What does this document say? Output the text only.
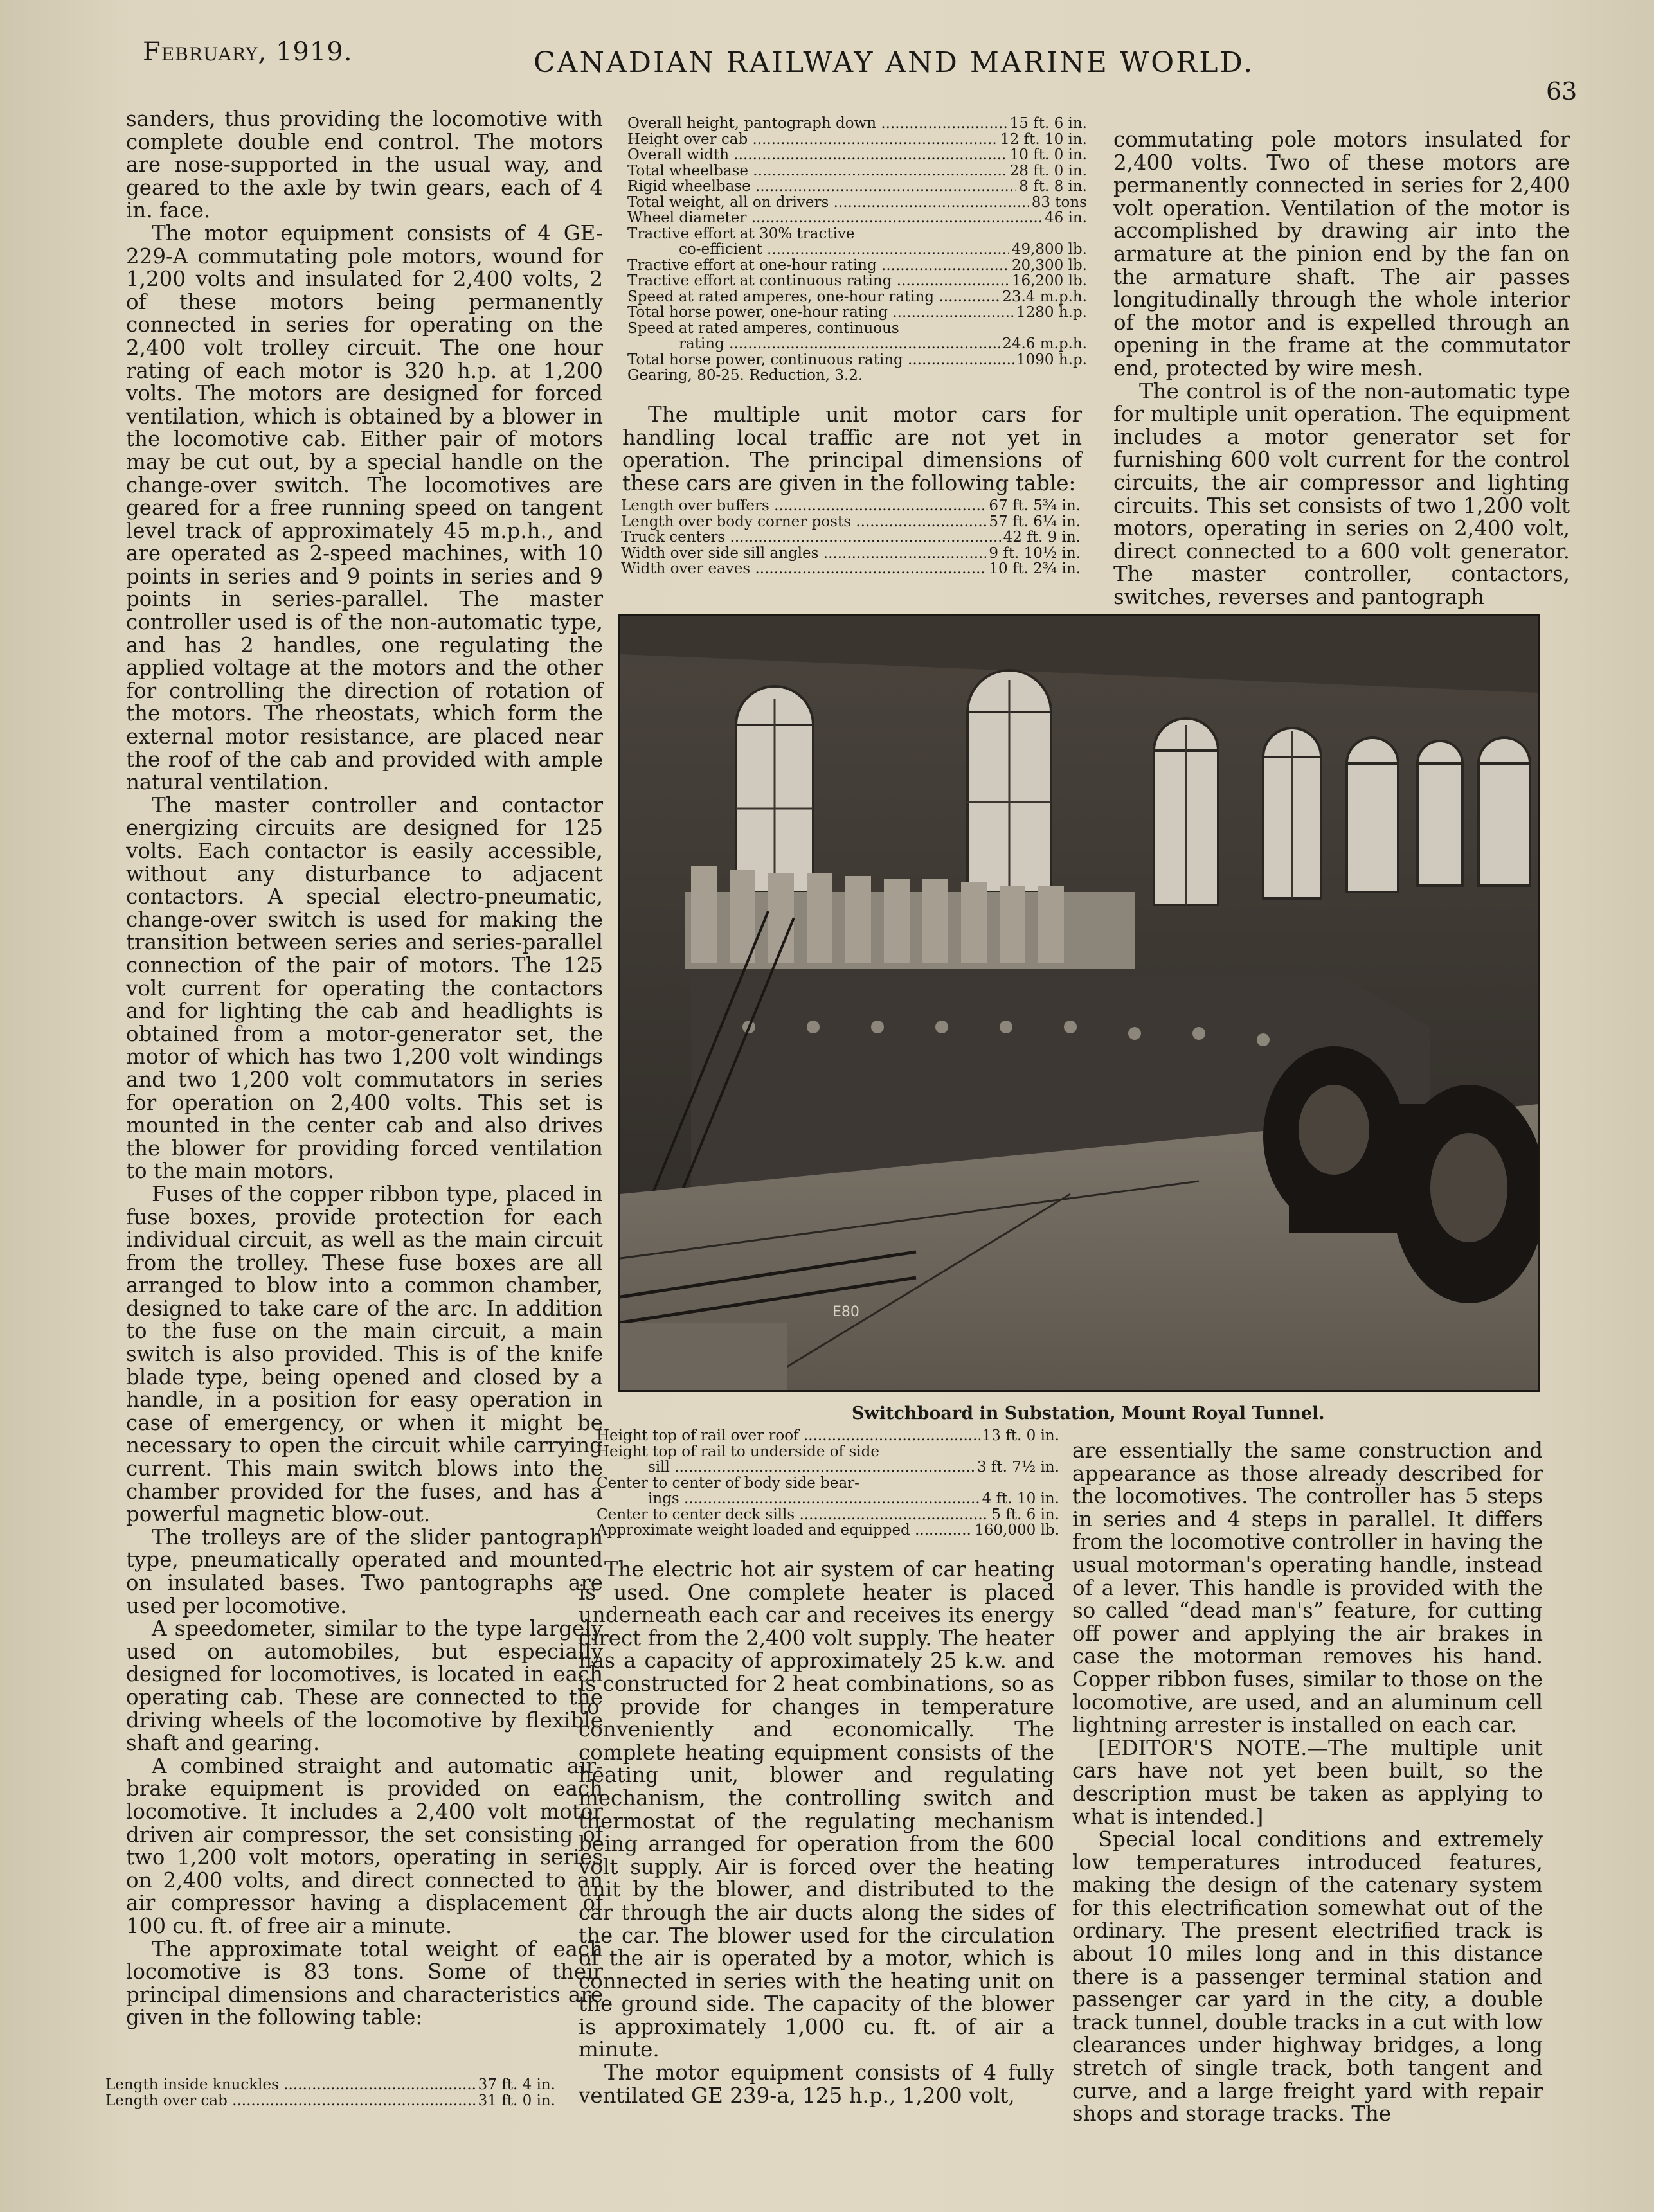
February, 1919.	CANADIAN RAILWAY AND MARINE WORLD.
63

sanders, thus providing the locomotive with complete double end control. The motors are nose-supported in the usual way, and geared to the axle by twin gears, each of 4 in. face.

The motor equipment consists of 4 GE-229-A commutating pole motors, wound for 1,200 volts and insulated for 2,400 volts, 2 of these motors being permanently connected in series for operating on the 2,400 volt trolley circuit. The one hour rating of each motor is 320 h.p. at 1,200 volts. The motors are designed for forced ventilation, which is obtained by a blower in the locomotive cab. Either pair of motors may be cut out, by a special handle on the change-over switch. The locomotives are geared for a free running speed on tangent level track of approximately 45 m.p.h., and are operated as 2-speed machines, with 10 points in series and 9 points in series and 9 points in series-parallel. The master controller used is of the non-automatic type, and has 2 handles, one regulating the applied voltage at the motors and the other for controlling the direction of rotation of the motors. The rheostats, which form the external motor resistance, are placed near the roof of the cab and provided with ample natural ventilation.

The master controller and contactor energizing circuits are designed for 125 volts. Each contactor is easily accessible, without any disturbance to adjacent contactors. A special electro-pneumatic, change-over switch is used for making the transition between series and series-parallel connection of the pair of motors. The 125 volt current for operating the contactors and for lighting the cab and headlights is obtained from a motor-generator set, the motor of which has two 1,200 volt windings and two 1,200 volt commutators in series for operation on 2,400 volts. This set is mounted in the center cab and also drives the blower for providing forced ventilation to the main motors.

Fuses of the copper ribbon type, placed in fuse boxes, provide protection for each individual circuit, as well as the main circuit from the trolley. These fuse boxes are all arranged to blow into a common chamber, designed to take care of the arc. In addition to the fuse on the main circuit, a main switch is also provided. This is of the knife blade type, being opened and closed by a handle, in a position for easy operation in case of emergency, or when it might be necessary to open the circuit while carrying current. This main switch blows into the chamber provided for the fuses, and has a powerful magnetic blow-out.

The trolleys are of the slider pantograph type, pneumatically operated and mounted on insulated bases. Two pantographs are used per locomotive.

A speedometer, similar to the type largely used on automobiles, but especially designed for locomotives, is located in each operating cab. These are connected to the driving wheels of the locomotive by flexible shaft and gearing.

A combined straight and automatic air-brake equipment is provided on each locomotive. It includes a 2,400 volt motor driven air compressor, the set consisting of two 1,200 volt motors, operating in series on 2,400 volts, and direct connected to an air compressor having a displacement of 100 cu. ft. of free air a minute.

The approximate total weight of each locomotive is 83 tons. Some of their principal dimensions and characteristics are given in the following table:

Length inside knuckles .....	37 ft. 4 in.
Length over cab .....	31 ft. 0 in.
Overall height, pantograph down .....	15 ft. 6 in.
Height over cab .....	12 ft. 10 in.
Overall width .....	10 ft. 0 in.
Total wheelbase .....	28 ft. 0 in.
Rigid wheelbase .....	8 ft. 8 in.
Total weight, all on drivers .....	83 tons
Wheel diameter .....	46 in.
Tractive effort at 30% tractive
co-efficient .....	49,800 lb.
Tractive effort at one-hour rating .....	20,300 lb.
Tractive effort at continuous rating .....	16,200 lb.
Speed at rated amperes, one-hour rating .....	23.4 m.p.h.
Total horse power, one-hour rating .....	1280 h.p.
Speed at rated amperes, continuous
rating .....	24.6 m.p.h.
Total horse power, continuous rating .....	1090 h.p.
Gearing, 80-25. Reduction, 3.2.

The multiple unit motor cars for handling local traffic are not yet in operation. The principal dimensions of these cars are given in the following table:

Length over buffers .....	67 ft. 5¾ in.
Length over body corner posts .....	57 ft. 6¼ in.
Truck centers .....	42 ft. 9 in.
Width over side sill angles .....	9 ft. 10½ in.
Width over eaves .....	10 ft. 2¾ in.

commutating pole motors insulated for 2,400 volts. Two of these motors are permanently connected in series for 2,400 volt operation. Ventilation of the motor is accomplished by drawing air into the armature at the pinion end by the fan on the armature shaft. The air passes longitudinally through the whole interior of the motor and is expelled through an opening in the frame at the commutator end, protected by wire mesh.

The control is of the non-automatic type for multiple unit operation. The equipment includes a motor generator set for furnishing 600 volt current for the control circuits, the air compressor and lighting circuits. This set consists of two 1,200 volt motors, operating in series on 2,400 volt, direct connected to a 600 volt generator. The master controller, contactors, switches, reverses and pantograph

E80
Switchboard in Substation, Mount Royal Tunnel.
Height top of rail over roof .....	13 ft. 0 in.
Height top of rail to underside of side
sill .....	3 ft. 7½ in.
Center to center of body side bear-
ings .....	4 ft. 10 in.
Center to center deck sills .....	5 ft. 6 in.
Approximate weight loaded and equipped .....	160,000 lb.

The electric hot air system of car heating is used. One complete heater is placed underneath each car and receives its energy direct from the 2,400 volt supply. The heater has a capacity of approximately 25 k.w. and is constructed for 2 heat combinations, so as to provide for changes in temperature conveniently and economically. The complete heating equipment consists of the heating unit, blower and regulating mechanism, the controlling switch and thermostat of the regulating mechanism being arranged for operation from the 600 volt supply. Air is forced over the heating unit by the blower, and distributed to the car through the air ducts along the sides of the car. The blower used for the circulation of the air is operated by a motor, which is connected in series with the heating unit on the ground side. The capacity of the blower is approximately 1,000 cu. ft. of air a minute.

The motor equipment consists of 4 fully ventilated GE 239-a, 125 h.p., 1,200 volt,

are essentially the same construction and appearance as those already described for the locomotives. The controller has 5 steps in series and 4 steps in parallel. It differs from the locomotive controller in having the usual motorman's operating handle, instead of a lever. This handle is provided with the so called “dead man's” feature, for cutting off power and applying the air brakes in case the motorman removes his hand. Copper ribbon fuses, similar to those on the locomotive, are used, and an aluminum cell lightning arrester is installed on each car.

[EDITOR'S NOTE.—The multiple unit cars have not yet been built, so the description must be taken as applying to what is intended.]

Special local conditions and extremely low temperatures introduced features, making the design of the catenary system for this electrification somewhat out of the ordinary. The present electrified track is about 10 miles long and in this distance there is a passenger terminal station and passenger car yard in the city, a double track tunnel, double tracks in a cut with low clearances under highway bridges, a long stretch of single track, both tangent and curve, and a large freight yard with repair shops and storage tracks. The
